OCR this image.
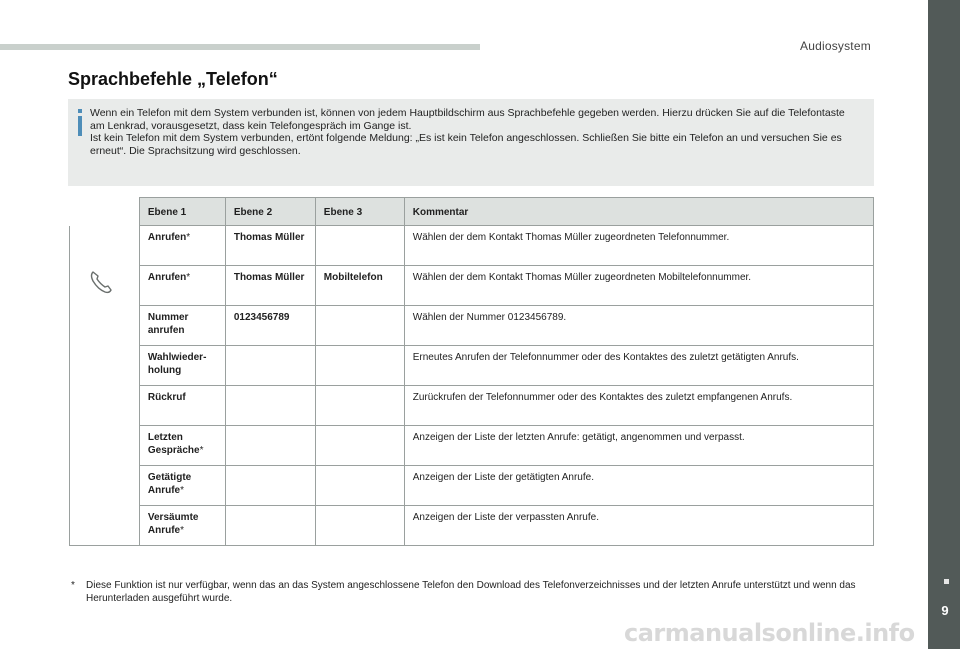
Audiosystem
9
Sprachbefehle „Telefon“

Wenn ein Telefon mit dem System verbunden ist, können von jedem Hauptbildschirm aus Sprachbefehle gegeben werden. Hierzu drücken Sie auf die Telefontaste am Lenkrad, vorausgesetzt, dass kein Telefongespräch im Gange ist.

Ist kein Telefon mit dem System verbunden, ertönt folgende Meldung: „Es ist kein Telefon angeschlossen. Schließen Sie bitte ein Telefon an und versuchen Sie es erneut“. Die Sprachsitzung wird geschlossen.

	Ebene 1	Ebene 2	Ebene 3	Kommentar

	Anrufen*	Thomas Müller		Wählen der dem Kontakt Thomas Müller zugeordneten Telefonnummer.
	Anrufen*	Thomas Müller	Mobiltelefon	Wählen der dem Kontakt Thomas Müller zugeordneten Mobiltelefonnummer.
	Nummer anrufen	0123456789		Wählen der Nummer 0123456789.
	Wahlwieder-holung			Erneutes Anrufen der Telefonnummer oder des Kontaktes des zuletzt getätigten Anrufs.
	Rückruf			Zurückrufen der Telefonnummer oder des Kontaktes des zuletzt empfangenen Anrufs.
	Letzten Gespräche*			Anzeigen der Liste der letzten Anrufe: getätigt, angenommen und verpasst.
	Getätigte Anrufe*			Anzeigen der Liste der getätigten Anrufe.
	Versäumte Anrufe*			Anzeigen der Liste der verpassten Anrufe.
*	Diese Funktion ist nur verfügbar, wenn das an das System angeschlossene Telefon den Download des Telefonverzeichnisses und der letzten Anrufe unterstützt und wenn das Herunterladen ausgeführt wurde.
carmanualsonline.info
